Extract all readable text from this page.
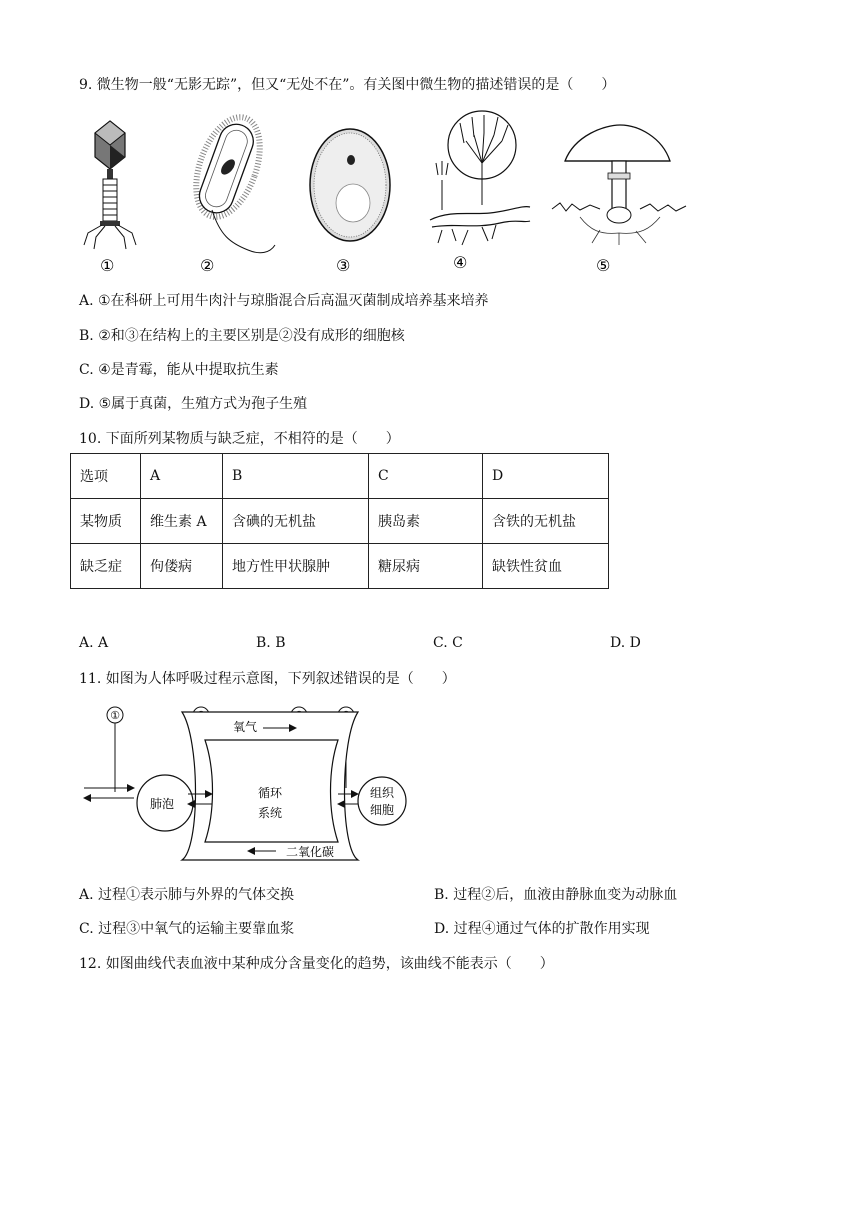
9. 微生物一般“无影无踪”，但又“无处不在”。有关图中微生物的描述错误的是（　　）
①	②	③	④	⑤
A. ①在科研上可用牛肉汁与琼脂混合后高温灭菌制成培养基来培养
B. ②和③在结构上的主要区别是②没有成形的细胞核
C. ④是青霉，能从中提取抗生素
D. ⑤属于真菌，生殖方式为孢子生殖
10. 下面所列某物质与缺乏症，不相符的是（　　）
选项	A	B	C	D
某物质	维生素 A	含碘的无机盐	胰岛素	含铁的无机盐
缺乏症	佝偻病	地方性甲状腺肿	糖尿病	缺铁性贫血
A. A	B. B	C. C	D. D
11. 如图为人体呼吸过程示意图，下列叙述错误的是（　　）
①
肺泡
循环
系统
氧气
二氧化碳
组织
细胞
A. 过程①表示肺与外界的气体交换	B. 过程②后，血液由静脉血变为动脉血
C. 过程③中氧气的运输主要靠血浆	D. 过程④通过气体的扩散作用实现
12. 如图曲线代表血液中某种成分含量变化的趋势，该曲线不能表示（　　）
